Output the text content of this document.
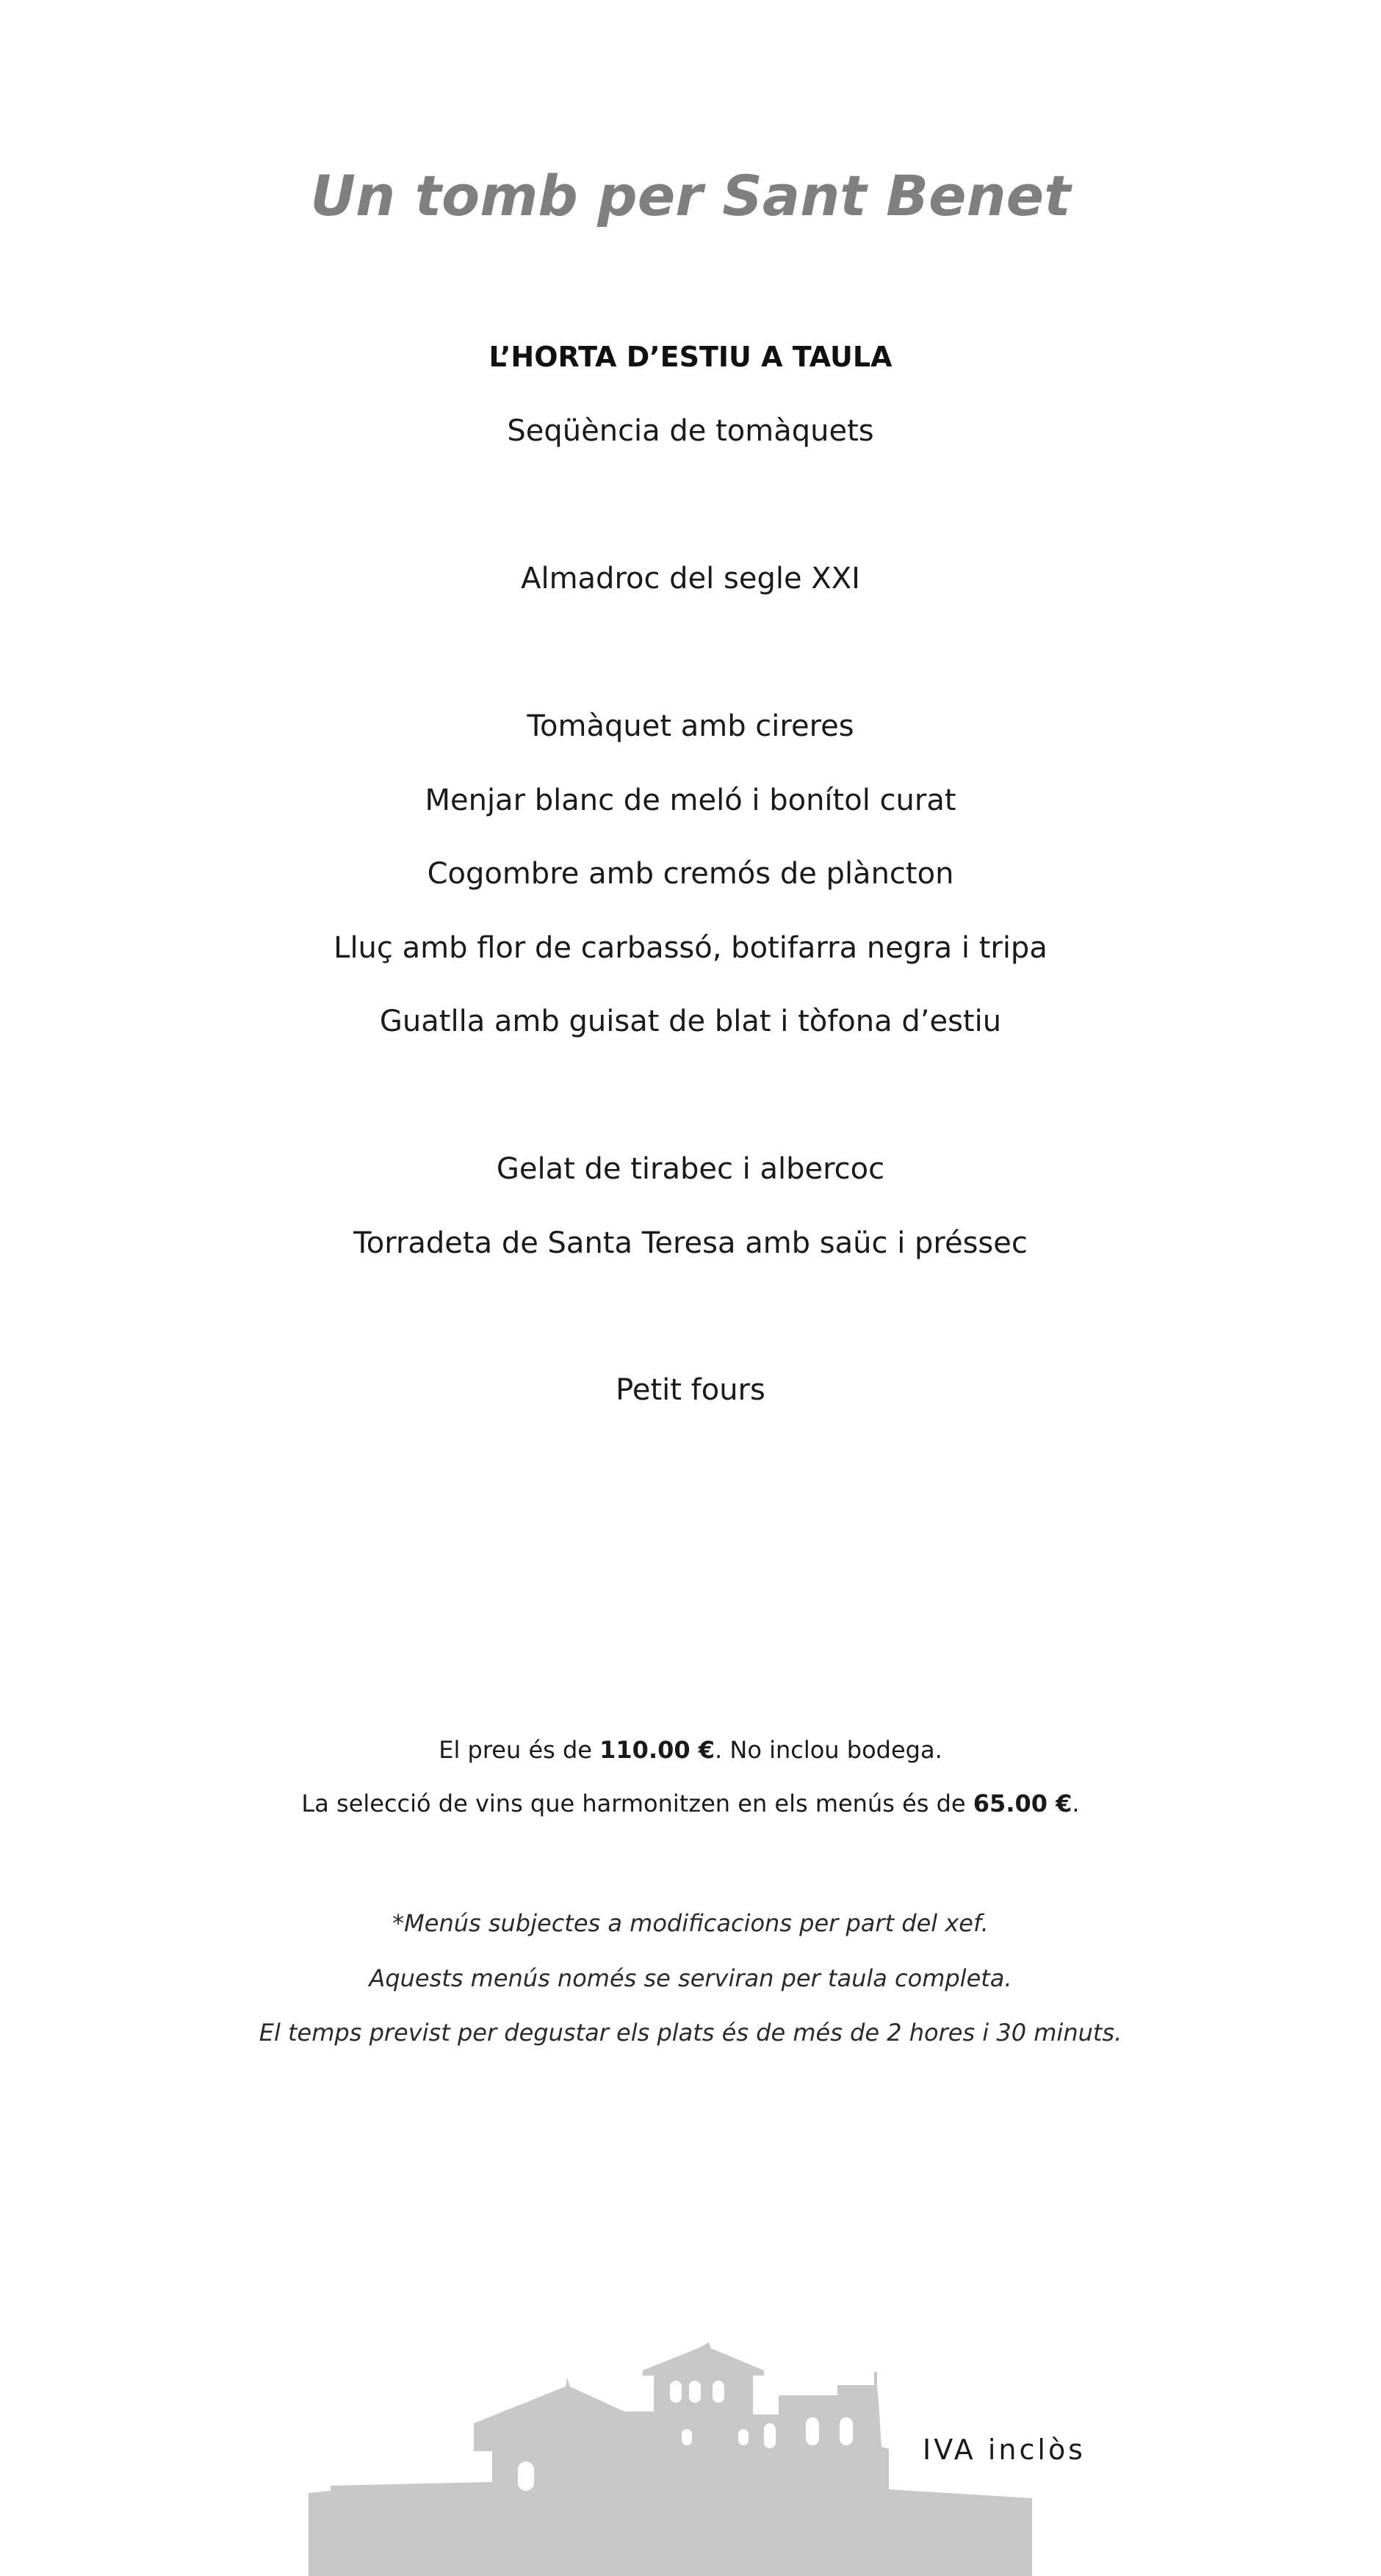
Un tomb per Sant Benet
L’HORTA D’ESTIU A TAULA
Seqüència de tomàquets
Almadroc del segle XXI
Tomàquet amb cireres
Menjar blanc de meló i bonítol curat
Cogombre amb cremós de plàncton
Lluç amb flor de carbassó, botifarra negra i tripa
Guatlla amb guisat de blat i tòfona d’estiu
Gelat de tirabec i albercoc
Torradeta de Santa Teresa amb saüc i préssec
Petit fours
El preu és de 110.00 €. No inclou bodega.
La selecció de vins que harmonitzen en els menús és de 65.00 €.
*Menús subjectes a modificacions per part del xef.
Aquests menús només se serviran per taula completa.
El temps previst per degustar els plats és de més de 2 hores i 30 minuts.
IVA inclòs
